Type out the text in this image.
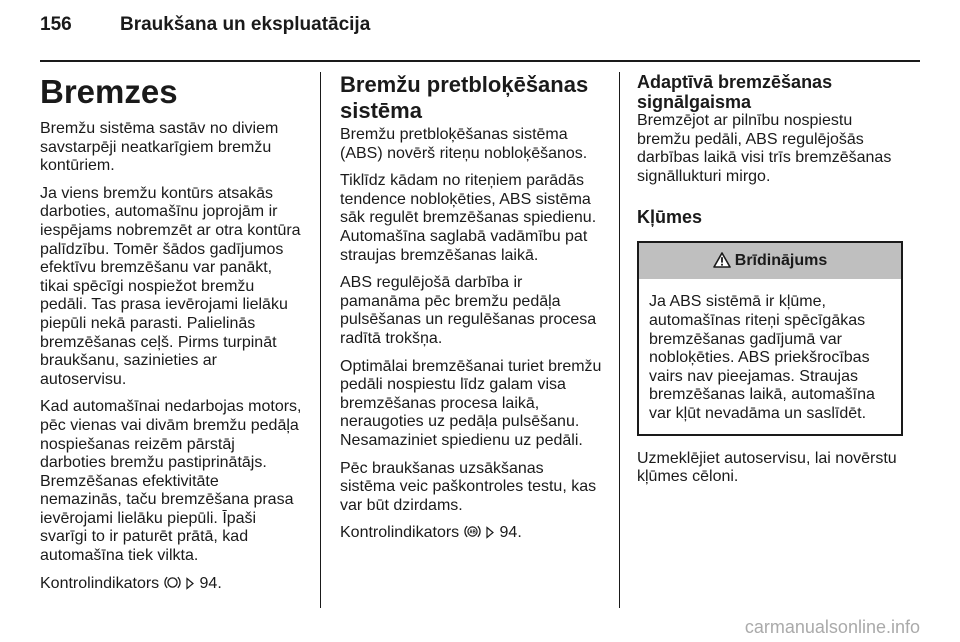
156	Braukšana un ekspluatācija
Bremzes

Bremžu sistēma sastāv no diviem savstarpēji neatkarīgiem bremžu kontūriem.

Ja viens bremžu kontūrs atsakās darboties, automašīnu joprojām ir iespējams nobremzēt ar otra kontūra palīdzību. Tomēr šādos gadījumos efektīvu bremzēšanu var panākt, tikai spēcīgi nospiežot bremžu pedāli. Tas prasa ievērojami lielāku piepūli nekā parasti. Palielinās bremzēšanas ceļš. Pirms turpināt braukšanu, sazinieties ar autoservisu.

Kad automašīnai nedarbojas motors, pēc vienas vai divām bremžu pedāļa nospiešanas reizēm pārstāj darboties bremžu pastiprinātājs. Bremzēšanas efektivitāte nemazinās, taču bremzēšana prasa ievērojami lielāku piepūli. Īpaši svarīgi to ir paturēt prātā, kad automašīna tiek vilkta.

Kontrolindikators	94.

Bremžu pretbloķēšanas sistēma

Bremžu pretbloķēšanas sistēma (ABS) novērš riteņu nobloķēšanos.

Tiklīdz kādam no riteņiem parādās tendence nobloķēties, ABS sistēma sāk regulēt bremzēšanas spiedienu. Automašīna saglabā vadāmību pat straujas bremzēšanas laikā.

ABS regulējošā darbība ir pamanāma pēc bremžu pedāļa pulsēšanas un regulēšanas procesa radītā trokšņa.

Optimālai bremzēšanai turiet bremžu pedāli nospiestu līdz galam visa bremzēšanas procesa laikā, neraugoties uz pedāļa pulsēšanu. Nesamaziniet spiedienu uz pedāli.

Pēc braukšanas uzsākšanas sistēma veic paškontroles testu, kas var būt dzirdams.

Kontrolindikators	94.

Adaptīvā bremzēšanas signālgaisma

Bremzējot ar pilnību nospiestu bremžu pedāli, ABS regulējošās darbības laikā visi trīs bremzēšanas signāllukturi mirgo.

Kļūmes
Brīdinājums
Ja ABS sistēmā ir kļūme, automašīnas riteņi spēcīgākas bremzēšanas gadījumā var nobloķēties. ABS priekšrocības vairs nav pieejamas. Straujas bremzēšanas laikā, automašīna var kļūt nevadāma un saslīdēt.

Uzmeklējiet autoservisu, lai novērstu kļūmes cēloni.

carmanualsonline.info
